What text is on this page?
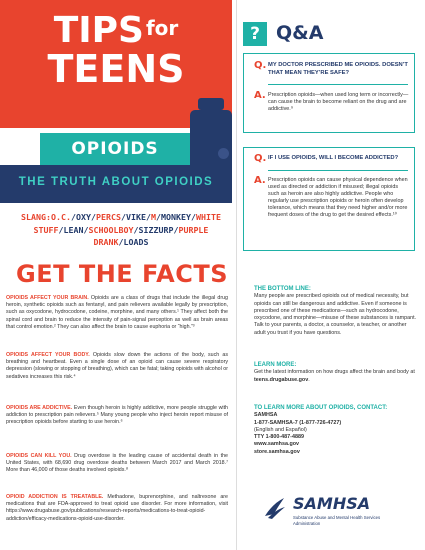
TIPS for
TEENS
OPIOIDS
THE TRUTH ABOUT OPIOIDS
SLANG:O.C./OXY/PERCS/VIKE/M/MONKEY/WHITE STUFF/LEAN/SCHOOLBOY/SIZZURP/PURPLE DRANK/LOADS
GET THE FACTS
OPIOIDS AFFECT YOUR BRAIN. Opioids are a class of drugs that include the illegal drug heroin, synthetic opioids such as fentanyl, and pain relievers available legally by prescription, such as oxycodone, hydrocodone, codeine, morphine, and many others.¹ They affect both the spinal cord and brain to reduce the intensity of pain-signal perception as well as brain areas that control emotion.² They can also affect the brain to cause euphoria or “high.”³
OPIOIDS AFFECT YOUR BODY. Opioids slow down the actions of the body, such as breathing and heartbeat. Even a single dose of an opioid can cause severe respiratory depression (slowing or stopping of breathing), which can be fatal; taking opioids with alcohol or sedatives increases this risk.⁴
OPIOIDS ARE ADDICTIVE. Even though heroin is highly addictive, more people struggle with addiction to prescription pain relievers.⁵ Many young people who inject heroin report misuse of prescription opioids before starting to use heroin.⁶
OPIOIDS CAN KILL YOU. Drug overdose is the leading cause of accidental death in the United States, with 68,690 drug overdose deaths between March 2017 and March 2018.⁷ More than 46,000 of those deaths involved opioids.⁸
OPIOID ADDICTION IS TREATABLE. Methadone, buprenorphine, and naltrexone are medications that are FDA-approved to treat opioid use disorder. For more information, visit https://www.drugabuse.gov/publications/research-reports/medications-to-treat-opioid-addiction/efficacy-medications-opioid-use-disorder.
? Q&A
Q. MY DOCTOR PRESCRIBED ME OPIOIDS. DOESN’T THAT MEAN THEY’RE SAFE?
A. Prescription opioids—when used long term or incorrectly—can cause the brain to become reliant on the drug and are addictive.⁹
Q. IF I USE OPIOIDS, WILL I BECOME ADDICTED?
A. Prescription opioids can cause physical dependence when used as directed or addiction if misused; illegal opioids such as heroin are also highly addictive. People who regularly use prescription opioids or heroin often develop tolerance, which means that they need higher and/or more frequent doses of the drug to get the desired effects.¹⁰
THE BOTTOM LINE:
Many people are prescribed opioids out of medical necessity, but opioids can still be dangerous and addictive. Even if someone is prescribed one of these medications—such as hydrocodone, oxycodone, and morphine—misuse of these substances is rampant. Talk to your parents, a doctor, a counselor, a teacher, or another adult you trust if you have questions.
LEARN MORE:
Get the latest information on how drugs affect the brain and body at teens.drugabuse.gov.
TO LEARN MORE ABOUT OPIOIDS, CONTACT:
SAMHSA
1-877-SAMHSA-7 (1-877-726-4727)
(English and Español)
TTY 1-800-487-4889
www.samhsa.gov
store.samhsa.gov
SAMHSA
Substance Abuse and Mental Health Services Administration
